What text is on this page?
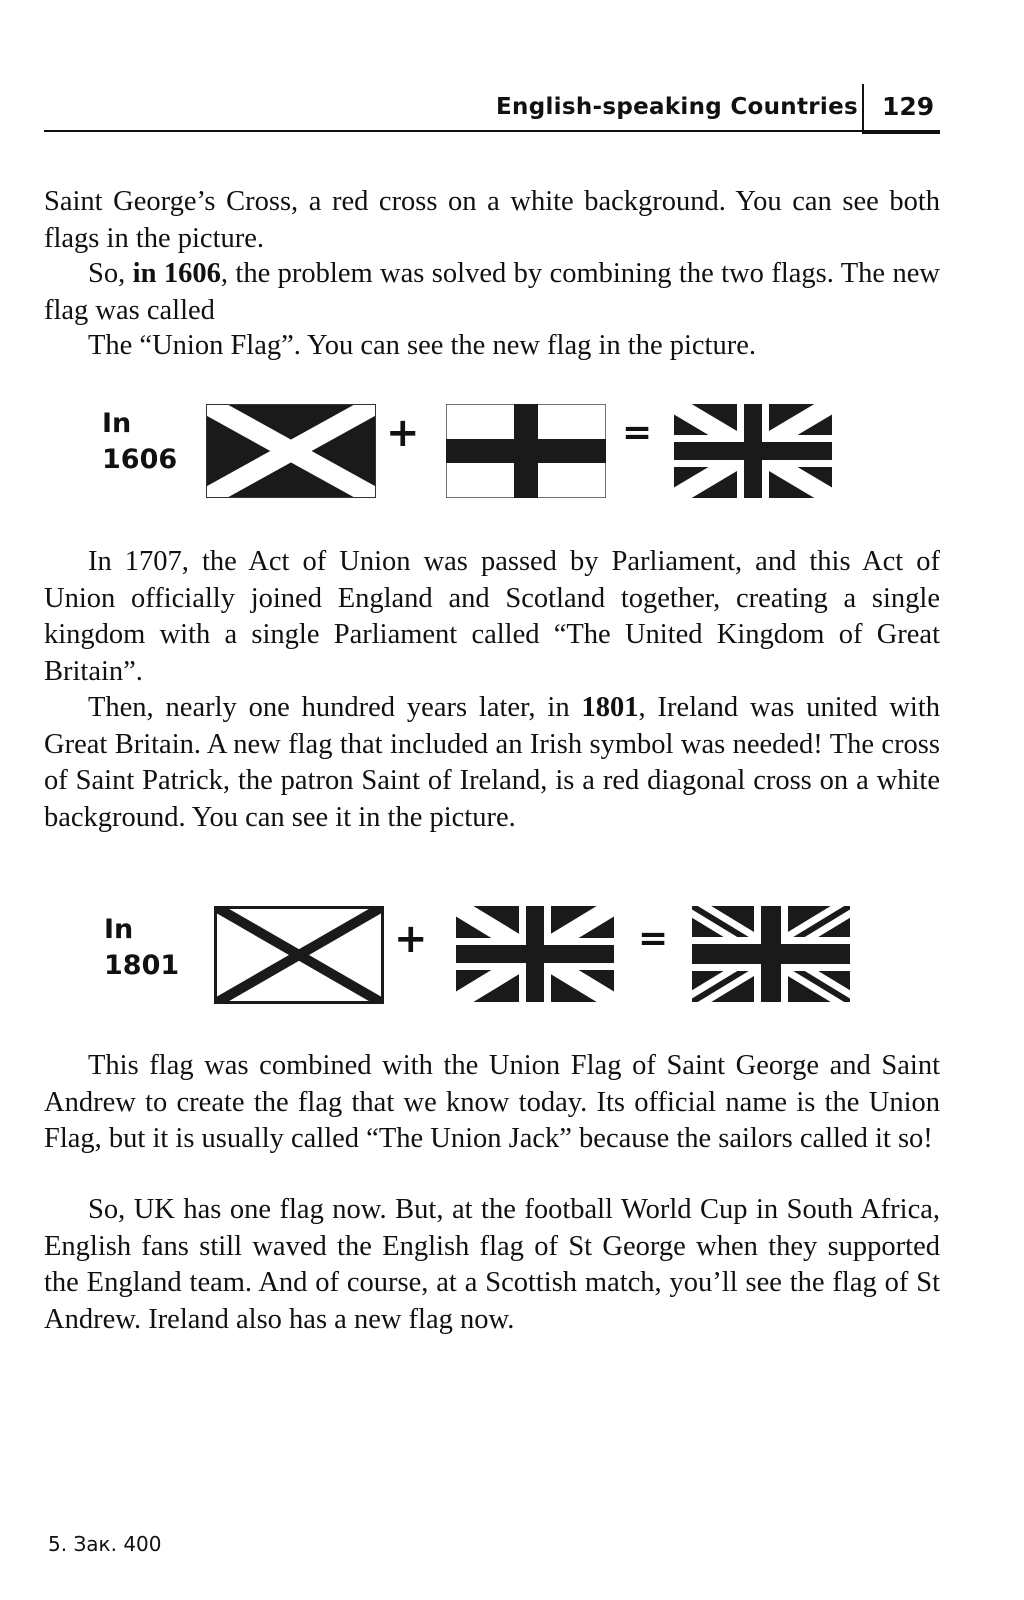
English-speaking Countries 129

Saint George’s Cross, a red cross on a white background. You can see both flags in the picture.

So, in 1606, the problem was solved by combining the two flags. The new flag was called

The “Union Flag”. You can see the new flag in the picture.

In
1606
+	=

In 1707, the Act of Union was passed by Parliament, and this Act of Union officially joined England and Scotland together, creating a single kingdom with a single Parliament called “The United Kingdom of Great Britain”.

Then, nearly one hundred years later, in 1801, Ireland was united with Great Britain. A new flag that included an Irish symbol was needed! The cross of Saint Patrick, the patron Saint of Ireland, is a red diagonal cross on a white background. You can see it in the picture.

In
1801
+	=

This flag was combined with the Union Flag of Saint George and Saint Andrew to create the flag that we know today. Its official name is the Union Flag, but it is usually called “The Union Jack” because the sailors called it so!

So, UK has one flag now. But, at the football World Cup in South Africa, English fans still waved the English flag of St George when they supported the England team. And of course, at a Scottish match, you’ll see the flag of St Andrew. Ireland also has a new flag now.

5. Зак. 400
